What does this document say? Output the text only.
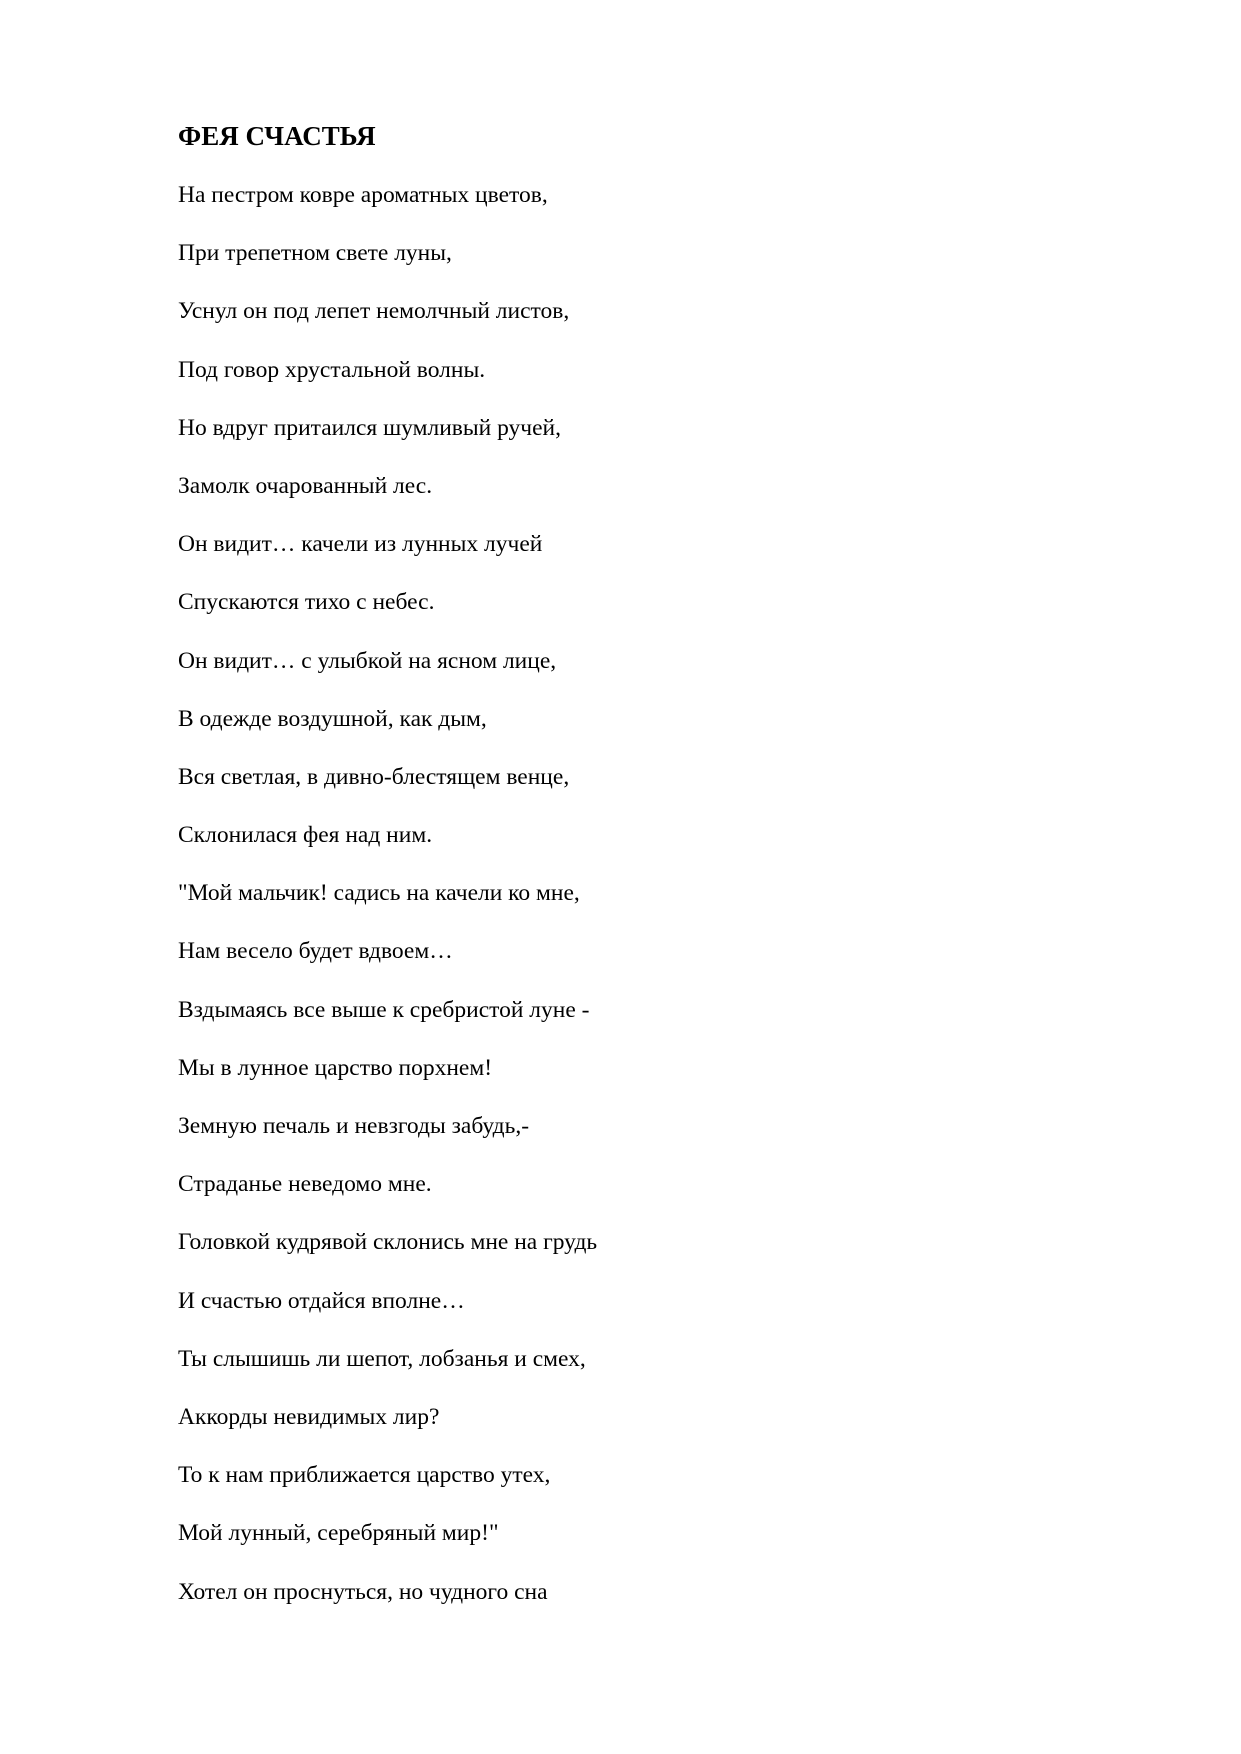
ФЕЯ СЧАСТЬЯ
На пестром ковре ароматных цветов,
При трепетном свете луны,
Уснул он под лепет немолчный листов,
Под говор хрустальной волны.
Но вдруг притаился шумливый ручей,
Замолк очарованный лес.
Он видит… качели из лунных лучей
Спускаются тихо с небес.
Он видит… с улыбкой на ясном лице,
В одежде воздушной, как дым,
Вся светлая, в дивно-блестящем венце,
Склонилася фея над ним.
"Мой мальчик! садись на качели ко мне,
Нам весело будет вдвоем…
Вздымаясь все выше к сребристой луне -
Мы в лунное царство порхнем!
Земную печаль и невзгоды забудь,-
Страданье неведомо мне.
Головкой кудрявой склонись мне на грудь
И счастью отдайся вполне…
Ты слышишь ли шепот, лобзанья и смех,
Аккорды невидимых лир?
То к нам приближается царство утех,
Мой лунный, серебряный мир!"
Хотел он проснуться, но чудного сна
